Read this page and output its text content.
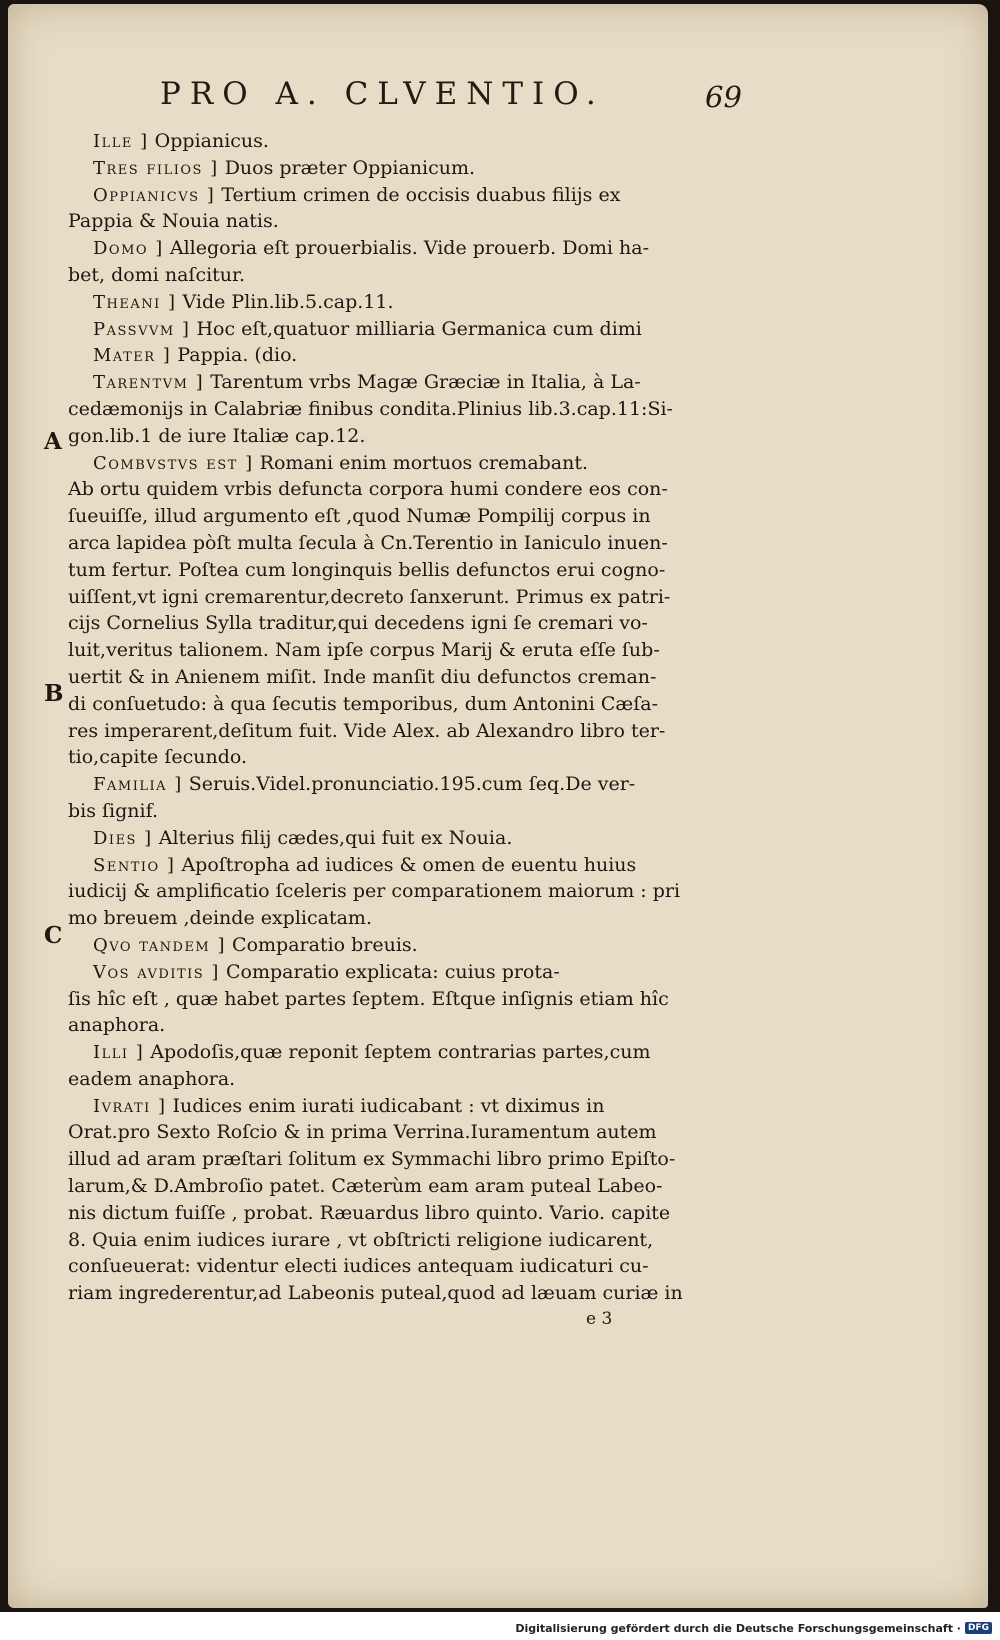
PRO A. CLVENTIO.	69
A
B
C
Ille ] Oppianicus.
Tres filios ] Duos præter Oppianicum.
Oppianicvs ] Tertium crimen de occisis duabus filijs ex
Pappia & Nouia natis.
Domo ] Allegoria eſt prouerbialis. Vide prouerb. Domi ha-
bet, domi naſcitur.
Theani ] Vide Plin.lib.5.cap.11.
Passvvm ] Hoc eſt,quatuor milliaria Germanica cum dimi
Mater ] Pappia. (dio.
Tarentvm ] Tarentum vrbs Magæ Græciæ in Italia, à La-
cedæmonijs in Calabriæ finibus condita.Plinius lib.3.cap.11:Si-
gon.lib.1 de iure Italiæ cap.12.
Combvstvs est ] Romani enim mortuos cremabant.
Ab ortu quidem vrbis defuncta corpora humi condere eos con-
ſueuiſſe, illud argumento eſt ,quod Numæ Pompilij corpus in
arca lapidea pòſt multa ſecula à Cn.Terentio in Ianiculo inuen-
tum fertur. Poſtea cum longinquis bellis defunctos erui cogno-
uiſſent,vt igni cremarentur,decreto ſanxerunt. Primus ex patri-
cijs Cornelius Sylla traditur,qui decedens igni ſe cremari vo-
luit,veritus talionem. Nam ipſe corpus Marij & eruta eſſe ſub-
uertit & in Anienem miſit. Inde manſit diu defunctos creman-
di conſuetudo: à qua ſecutis temporibus, dum Antonini Cæſa-
res imperarent,deſitum fuit. Vide Alex. ab Alexandro libro ter-
tio,capite ſecundo.
Familia ] Seruis.Videl.pronunciatio.195.cum ſeq.De ver-
bis ſignif.
Dies ] Alterius filij cædes,qui fuit ex Nouia.
Sentio ] Apoſtropha ad iudices & omen de euentu huius
iudicij & amplificatio ſceleris per comparationem maiorum : pri
mo breuem ,deinde explicatam.
Qvo tandem ] Comparatio breuis.
Vos avditis ] Comparatio explicata: cuius prota-
ſis hîc eſt , quæ habet partes ſeptem. Eſtque inſignis etiam hîc
anaphora.
Illi ] Apodoſis,quæ reponit ſeptem contrarias partes,cum
eadem anaphora.
Ivrati ] Iudices enim iurati iudicabant : vt diximus in
Orat.pro Sexto Roſcio & in prima Verrina.Iuramentum autem
illud ad aram præſtari ſolitum ex Symmachi libro primo Epiſto-
larum,& D.Ambroſio patet. Cæterùm eam aram puteal Labeo-
nis dictum fuiſſe , probat. Ræuardus libro quinto. Vario. capite
8. Quia enim iudices iurare , vt obſtricti religione iudicarent,
conſueuerat: videntur electi iudices antequam iudicaturi cu-
riam ingrederentur,ad Labeonis puteal,quod ad læuam curiæ in
e 3
Digitalisierung gefördert durch die Deutsche Forschungsgemeinschaft · DFG
